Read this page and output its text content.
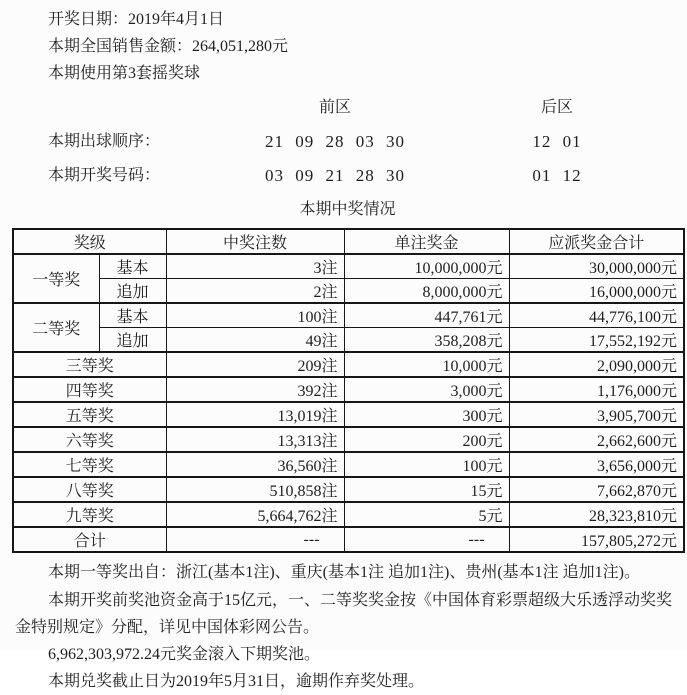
开奖日期：2019年4月1日

本期全国销售金额：264,051,280元

本期使用第3套摇奖球

前区	后区
本期出球顺序：	21 09 28 03 30	12 01
本期开奖号码：	03 09 21 28 30	01 12
本期中奖情况
奖级		中奖注数	单注奖金	应派奖金合计
一等奖	基本	3注	10,000,000元	30,000,000元
	追加	2注	8,000,000元	16,000,000元
二等奖	基本	100注	447,761元	44,776,100元
	追加	49注	358,208元	17,552,192元
三等奖		209注	10,000元	2,090,000元
四等奖		392注	3,000元	1,176,000元
五等奖		13,019注	300元	3,905,700元
六等奖		13,313注	200元	2,662,600元
七等奖		36,560注	100元	3,656,000元
八等奖		510,858注	15元	7,662,870元
九等奖		5,664,762注	5元	28,323,810元
合计		---	---	157,805,272元

本期一等奖出自：浙江(基本1注)、重庆(基本1注 追加1注)、贵州(基本1注 追加1注)。

本期开奖前奖池资金高于15亿元，一、二等奖奖金按《中国体育彩票超级大乐透浮动奖奖金特别规定》分配，详见中国体彩网公告。

6,962,303,972.24元奖金滚入下期奖池。

本期兑奖截止日为2019年5月31日，逾期作弃奖处理。
